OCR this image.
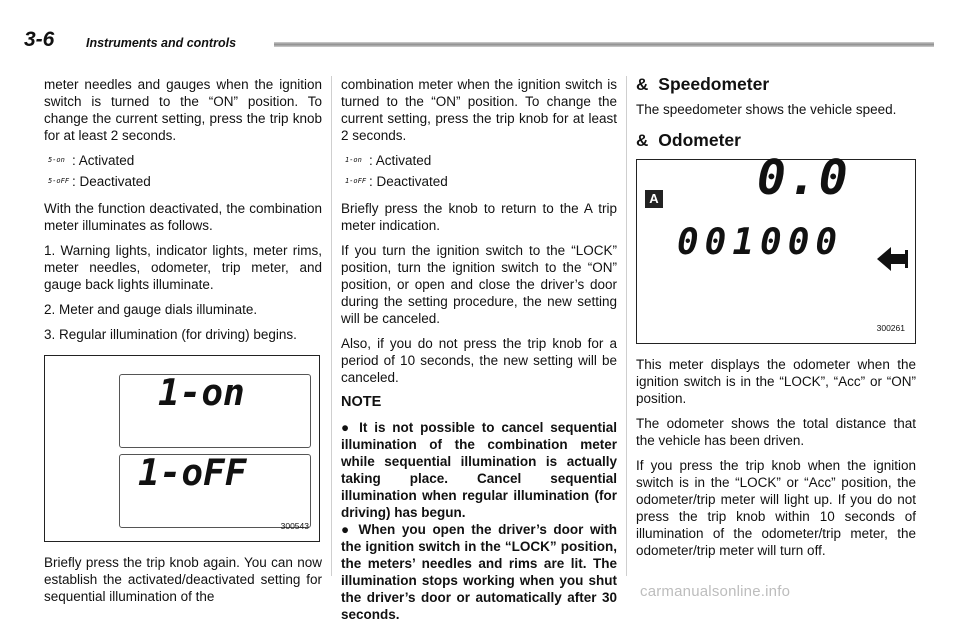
3-6	Instruments and controls

meter needles and gauges when the ignition switch is turned to the “ON” position. To change the current setting, press the trip knob for at least 2 seconds.

5-on : Activated
5-oFF : Deactivated

With the function deactivated, the combination meter illuminates as follows.

1. Warning lights, indicator lights, meter rims, meter needles, odometer, trip meter, and gauge back lights illuminate.

2. Meter and gauge dials illuminate.

3. Regular illumination (for driving) begins.

1-on
1-oFF
300543

Briefly press the trip knob again. You can now establish the activated/deactivated setting for sequential illumination of the

combination meter when the ignition switch is turned to the “ON” position. To change the current setting, press the trip knob for at least 2 seconds.

1-on : Activated
1-oFF : Deactivated

Briefly press the knob to return to the A trip meter indication.

If you turn the ignition switch to the “LOCK” position, turn the ignition switch to the “ON” position, or open and close the driver’s door during the setting procedure, the new setting will be canceled.

Also, if you do not press the trip knob for a period of 10 seconds, the new setting will be canceled.

NOTE

● It is not possible to cancel sequential illumination of the combination meter while sequential illumination is actually taking place. Cancel sequential illumination when regular illumination (for driving) has begun.

● When you open the driver’s door with the ignition switch in the “LOCK” position, the meters’ needles and rims are lit. The illumination stops working when you shut the driver’s door or automatically after 30 seconds.

& Speedometer

The speedometer shows the vehicle speed.

& Odometer
A 0.0
001000
300261

This meter displays the odometer when the ignition switch is in the “LOCK”, “Acc” or “ON” position.

The odometer shows the total distance that the vehicle has been driven.

If you press the trip knob when the ignition switch is in the “LOCK” or “Acc” position, the odometer/trip meter will light up. If you do not press the trip knob within 10 seconds of illumination of the odometer/trip meter, the odometer/trip meter will turn off.

carmanualsonline.info
